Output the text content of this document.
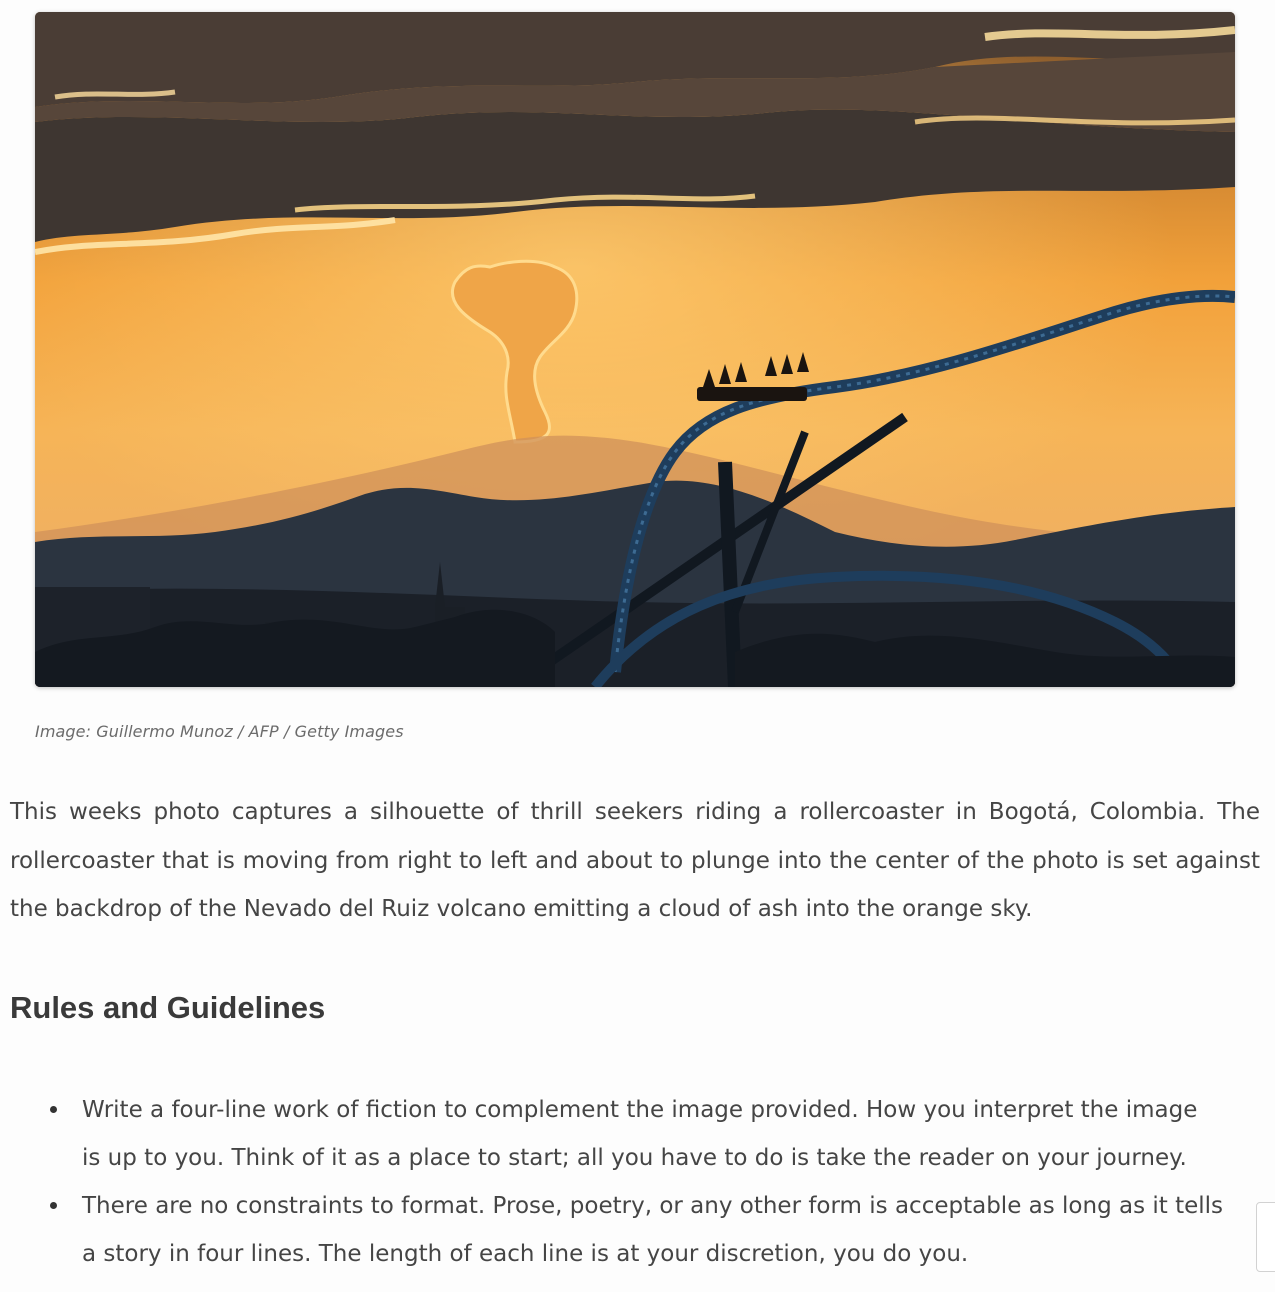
Image: Guillermo Munoz / AFP / Getty Images

This weeks photo captures a silhouette of thrill seekers riding a rollercoaster in Bogotá, Colombia. The rollercoaster that is moving from right to left and about to plunge into the center of the photo is set against the backdrop of the Nevado del Ruiz volcano emitting a cloud of ash into the orange sky.

Rules and Guidelines
Write a four-line work of fiction to complement the image provided. How you interpret the image
is up to you. Think of it as a place to start; all you have to do is take the reader on your journey.
There are no constraints to format. Prose, poetry, or any other form is acceptable as long as it tells
a story in four lines. The length of each line is at your discretion, you do you.
